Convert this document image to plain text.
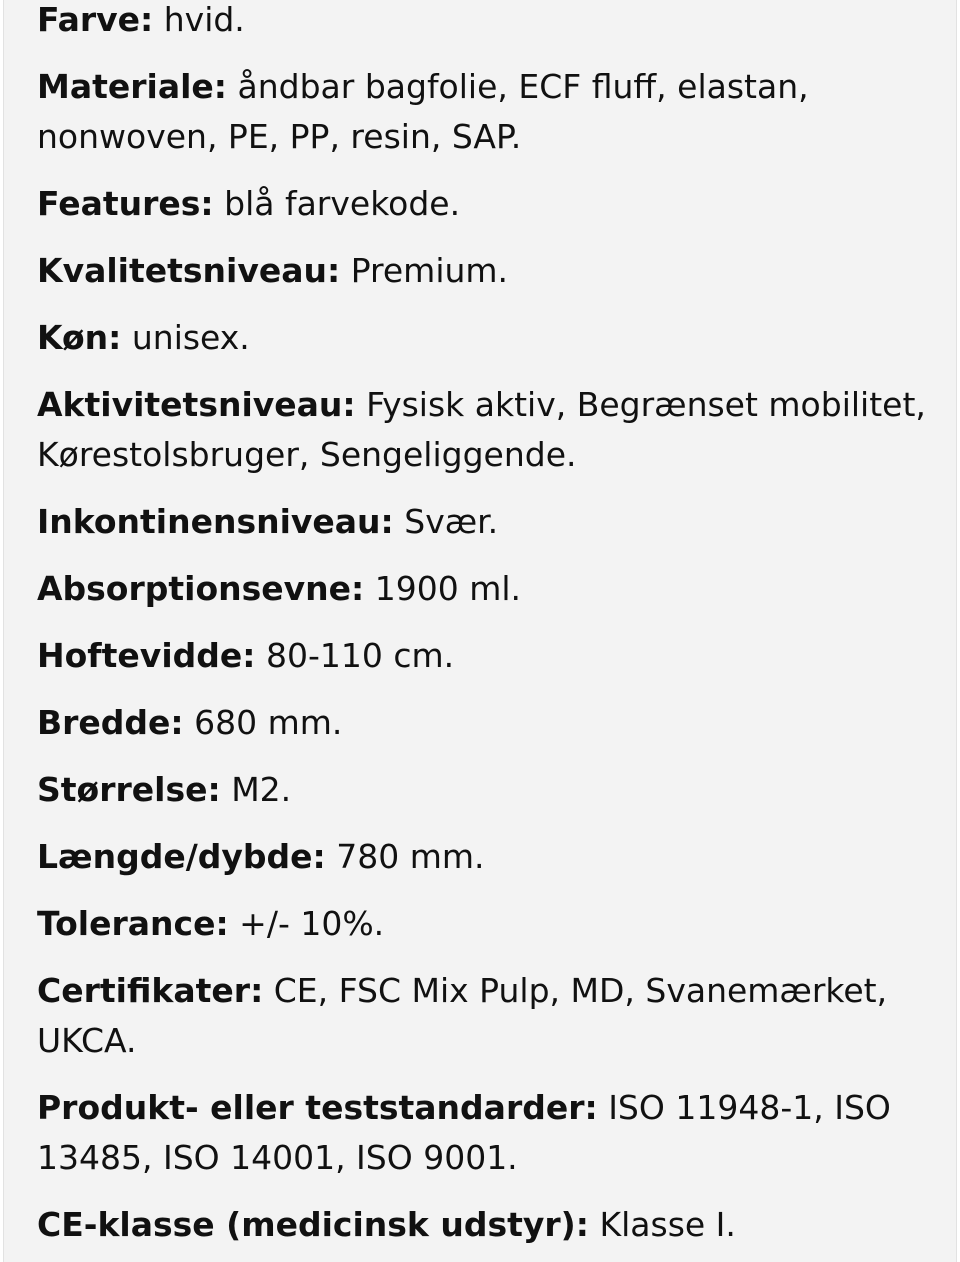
Farve: hvid.
Materiale: åndbar bagfolie, ECF fluff, elastan, nonwoven, PE, PP, resin, SAP.
Features: blå farvekode.
Kvalitetsniveau: Premium.
Køn: unisex.
Aktivitetsniveau: Fysisk aktiv, Begrænset mobilitet, Kørestolsbruger, Sengeliggende.
Inkontinensniveau: Svær.
Absorptionsevne: 1900 ml.
Hoftevidde: 80-110 cm.
Bredde: 680 mm.
Størrelse: M2.
Længde/dybde: 780 mm.
Tolerance: +/- 10%.
Certifikater: CE, FSC Mix Pulp, MD, Svanemærket, UKCA.
Produkt- eller teststandarder: ISO 11948-1, ISO 13485, ISO 14001, ISO 9001.
CE-klasse (medicinsk udstyr): Klasse I.
